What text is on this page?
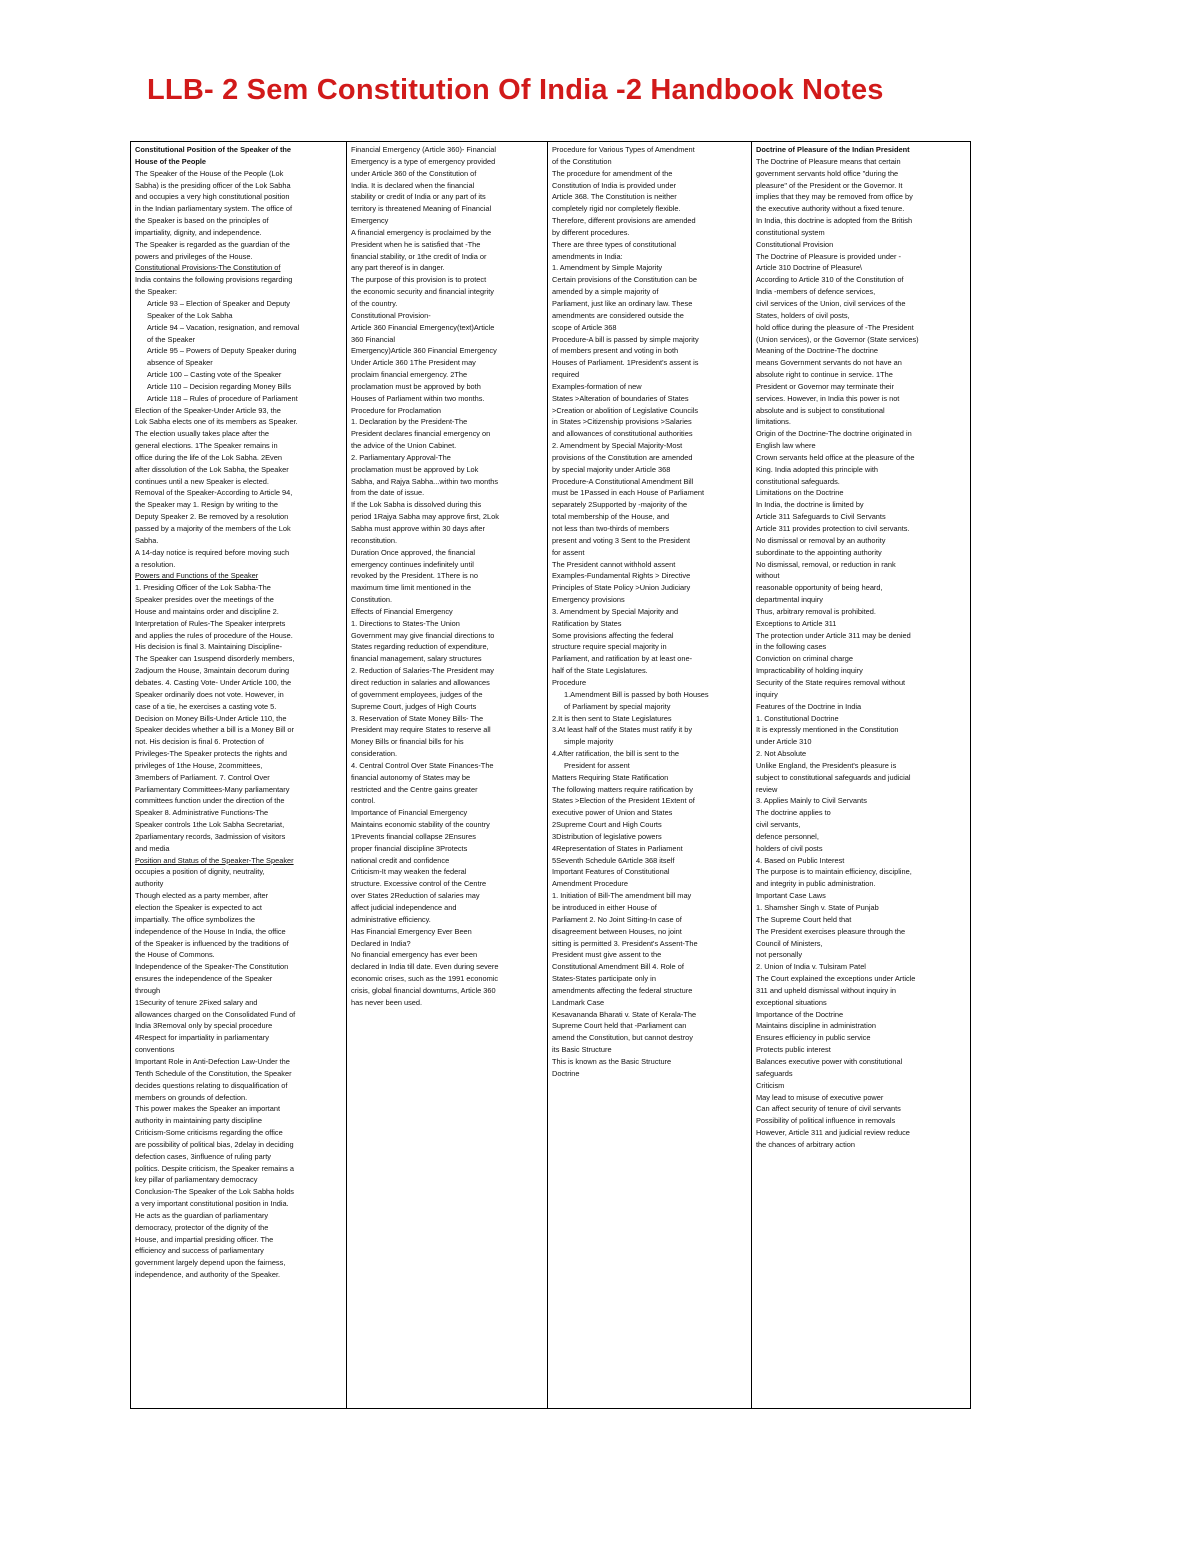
LLB- 2 Sem Constitution Of India -2 Handbook Notes
Constitutional Position of the Speaker of the
House of the People
The Speaker of the House of the People (Lok
Sabha) is the presiding officer of the Lok Sabha
and occupies a very high constitutional position
in the Indian parliamentary system. The office of
the Speaker is based on the principles of
impartiality, dignity, and independence.
The Speaker is regarded as the guardian of the
powers and privileges of the House.
Constitutional Provisions-The Constitution of
India contains the following provisions regarding
the Speaker:
Article 93 – Election of Speaker and Deputy
Speaker of the Lok Sabha
Article 94 – Vacation, resignation, and removal
of the Speaker
Article 95 – Powers of Deputy Speaker during
absence of Speaker
Article 100 – Casting vote of the Speaker
Article 110 – Decision regarding Money Bills
Article 118 – Rules of procedure of Parliament
Election of the Speaker-Under Article 93, the
Lok Sabha elects one of its members as Speaker.
The election usually takes place after the
general elections. 1The Speaker remains in
office during the life of the Lok Sabha. 2Even
after dissolution of the Lok Sabha, the Speaker
continues until a new Speaker is elected.
Removal of the Speaker-According to Article 94,
the Speaker may 1. Resign by writing to the
Deputy Speaker 2. Be removed by a resolution
passed by a majority of the members of the Lok
Sabha.
A 14-day notice is required before moving such
a resolution.
Powers and Functions of the Speaker
1. Presiding Officer of the Lok Sabha-The
Speaker presides over the meetings of the
House and maintains order and discipline 2.
Interpretation of Rules-The Speaker interprets
and applies the rules of procedure of the House.
His decision is final 3. Maintaining Discipline-
The Speaker can 1suspend disorderly members,
2adjourn the House, 3maintain decorum during
debates. 4. Casting Vote- Under Article 100, the
Speaker ordinarily does not vote. However, in
case of a tie, he exercises a casting vote 5.
Decision on Money Bills-Under Article 110, the
Speaker decides whether a bill is a Money Bill or
not. His decision is final 6. Protection of
Privileges-The Speaker protects the rights and
privileges of 1the House, 2committees,
3members of Parliament. 7. Control Over
Parliamentary Committees-Many parliamentary
committees function under the direction of the
Speaker 8. Administrative Functions-The
Speaker controls 1the Lok Sabha Secretariat,
2parliamentary records, 3admission of visitors
and media
Position and Status of the Speaker-The Speaker
occupies a position of dignity, neutrality,
authority
Though elected as a party member, after
election the Speaker is expected to act
impartially. The office symbolizes the
independence of the House In India, the office
of the Speaker is influenced by the traditions of
the House of Commons.
Independence of the Speaker-The Constitution
ensures the independence of the Speaker
through
1Security of tenure 2Fixed salary and
allowances charged on the Consolidated Fund of
India 3Removal only by special procedure
4Respect for impartiality in parliamentary
conventions
Important Role in Anti-Defection Law-Under the
Tenth Schedule of the Constitution, the Speaker
decides questions relating to disqualification of
members on grounds of defection.
This power makes the Speaker an important
authority in maintaining party discipline
Criticism-Some criticisms regarding the office
are possibility of political bias, 2delay in deciding
defection cases, 3influence of ruling party
politics. Despite criticism, the Speaker remains a
key pillar of parliamentary democracy
Conclusion-The Speaker of the Lok Sabha holds
a very important constitutional position in India.
He acts as the guardian of parliamentary
democracy, protector of the dignity of the
House, and impartial presiding officer. The
efficiency and success of parliamentary
government largely depend upon the fairness,
independence, and authority of the Speaker.
Financial Emergency (Article 360)- Financial
Emergency is a type of emergency provided
under Article 360 of the Constitution of
India. It is declared when the financial
stability or credit of India or any part of its
territory is threatened Meaning of Financial
Emergency
A financial emergency is proclaimed by the
President when he is satisfied that -The
financial stability, or 1the credit of India or
any part thereof is in danger.
The purpose of this provision is to protect
the economic security and financial integrity
of the country.
Constitutional Provision-
Article 360 Financial Emergency(text)Article
360 Financial
Emergency)Article 360 Financial Emergency
Under Article 360 1The President may
proclaim financial emergency. 2The
proclamation must be approved by both
Houses of Parliament within two months.
Procedure for Proclamation
1. Declaration by the President-The
President declares financial emergency on
the advice of the Union Cabinet.
2. Parliamentary Approval-The
proclamation must be approved by Lok
Sabha, and Rajya Sabha...within two months
from the date of issue.
If the Lok Sabha is dissolved during this
period 1Rajya Sabha may approve first, 2Lok
Sabha must approve within 30 days after
reconstitution.
Duration Once approved, the financial
emergency continues indefinitely until
revoked by the President. 1There is no
maximum time limit mentioned in the
Constitution.
Effects of Financial Emergency
1. Directions to States-The Union
Government may give financial directions to
States regarding reduction of expenditure,
financial management, salary structures
2. Reduction of Salaries-The President may
direct reduction in salaries and allowances
of government employees, judges of the
Supreme Court, judges of High Courts
3. Reservation of State Money Bills- The
President may require States to reserve all
Money Bills or financial bills for his
consideration.
4. Central Control Over State Finances-The
financial autonomy of States may be
restricted and the Centre gains greater
control.
Importance of Financial Emergency
Maintains economic stability of the country
1Prevents financial collapse 2Ensures
proper financial discipline 3Protects
national credit and confidence
Criticism-It may weaken the federal
structure. Excessive control of the Centre
over States 2Reduction of salaries may
affect judicial independence and
administrative efficiency.
Has Financial Emergency Ever Been
Declared in India?
No financial emergency has ever been
declared in India till date. Even during severe
economic crises, such as the 1991 economic
crisis, global financial downturns, Article 360
has never been used.
Procedure for Various Types of Amendment
of the Constitution
The procedure for amendment of the
Constitution of India is provided under
Article 368. The Constitution is neither
completely rigid nor completely flexible.
Therefore, different provisions are amended
by different procedures.
There are three types of constitutional
amendments in India:
1. Amendment by Simple Majority
Certain provisions of the Constitution can be
amended by a simple majority of
Parliament, just like an ordinary law. These
amendments are considered outside the
scope of Article 368
Procedure-A bill is passed by simple majority
of members present and voting in both
Houses of Parliament. 1President's assent is
required
Examples-formation of new
States >Alteration of boundaries of States
>Creation or abolition of Legislative Councils
in States >Citizenship provisions >Salaries
and allowances of constitutional authorities
2. Amendment by Special Majority-Most
provisions of the Constitution are amended
by special majority under Article 368
Procedure-A Constitutional Amendment Bill
must be 1Passed in each House of Parliament
separately 2Supported by -majority of the
total membership of the House, and
not less than two-thirds of members
present and voting 3 Sent to the President
for assent
The President cannot withhold assent
Examples-Fundamental Rights > Directive
Principles of State Policy >Union Judiciary
Emergency provisions
3. Amendment by Special Majority and
Ratification by States
Some provisions affecting the federal
structure require special majority in
Parliament, and ratification by at least one-
half of the State Legislatures.
Procedure
1.Amendment Bill is passed by both Houses
of Parliament by special majority
2.It is then sent to State Legislatures
3.At least half of the States must ratify it by
simple majority
4.After ratification, the bill is sent to the
President for assent
Matters Requiring State Ratification
The following matters require ratification by
States >Election of the President 1Extent of
executive power of Union and States
2Supreme Court and High Courts
3Distribution of legislative powers
4Representation of States in Parliament
5Seventh Schedule 6Article 368 itself
Important Features of Constitutional
Amendment Procedure
1. Initiation of Bill-The amendment bill may
be introduced in either House of
Parliament 2. No Joint Sitting-In case of
disagreement between Houses, no joint
sitting is permitted 3. President's Assent-The
President must give assent to the
Constitutional Amendment Bill 4. Role of
States-States participate only in
amendments affecting the federal structure
Landmark Case
Kesavananda Bharati v. State of Kerala-The
Supreme Court held that -Parliament can
amend the Constitution, but cannot destroy
its Basic Structure
This is known as the Basic Structure
Doctrine
Doctrine of Pleasure of the Indian President
The Doctrine of Pleasure means that certain
government servants hold office "during the
pleasure" of the President or the Governor. It
implies that they may be removed from office by
the executive authority without a fixed tenure.
In India, this doctrine is adopted from the British
constitutional system
Constitutional Provision
The Doctrine of Pleasure is provided under -
Article 310 Doctrine of Pleasure\
According to Article 310 of the Constitution of
India -members of defence services,
civil services of the Union, civil services of the
States, holders of civil posts,
hold office during the pleasure of -The President
(Union services), or the Governor (State services)
Meaning of the Doctrine-The doctrine
means Government servants do not have an
absolute right to continue in service. 1The
President or Governor may terminate their
services. However, in India this power is not
absolute and is subject to constitutional
limitations.
Origin of the Doctrine-The doctrine originated in
English law where
Crown servants held office at the pleasure of the
King. India adopted this principle with
constitutional safeguards.
Limitations on the Doctrine
In India, the doctrine is limited by
Article 311 Safeguards to Civil Servants
Article 311 provides protection to civil servants.
No dismissal or removal by an authority
subordinate to the appointing authority
No dismissal, removal, or reduction in rank
without
reasonable opportunity of being heard,
departmental inquiry
Thus, arbitrary removal is prohibited.
Exceptions to Article 311
The protection under Article 311 may be denied
in the following cases
Conviction on criminal charge
Impracticability of holding inquiry
Security of the State requires removal without
inquiry
Features of the Doctrine in India
1. Constitutional Doctrine
It is expressly mentioned in the Constitution
under Article 310
2. Not Absolute
Unlike England, the President's pleasure is
subject to constitutional safeguards and judicial
review
3. Applies Mainly to Civil Servants
The doctrine applies to
civil servants,
defence personnel,
holders of civil posts
4. Based on Public Interest
The purpose is to maintain efficiency, discipline,
and integrity in public administration.
Important Case Laws
1. Shamsher Singh v. State of Punjab
The Supreme Court held that
The President exercises pleasure through the
Council of Ministers,
not personally
2. Union of India v. Tulsiram Patel
The Court explained the exceptions under Article
311 and upheld dismissal without inquiry in
exceptional situations
Importance of the Doctrine
Maintains discipline in administration
Ensures efficiency in public service
Protects public interest
Balances executive power with constitutional
safeguards
Criticism
May lead to misuse of executive power
Can affect security of tenure of civil servants
Possibility of political influence in removals
However, Article 311 and judicial review reduce
the chances of arbitrary action
